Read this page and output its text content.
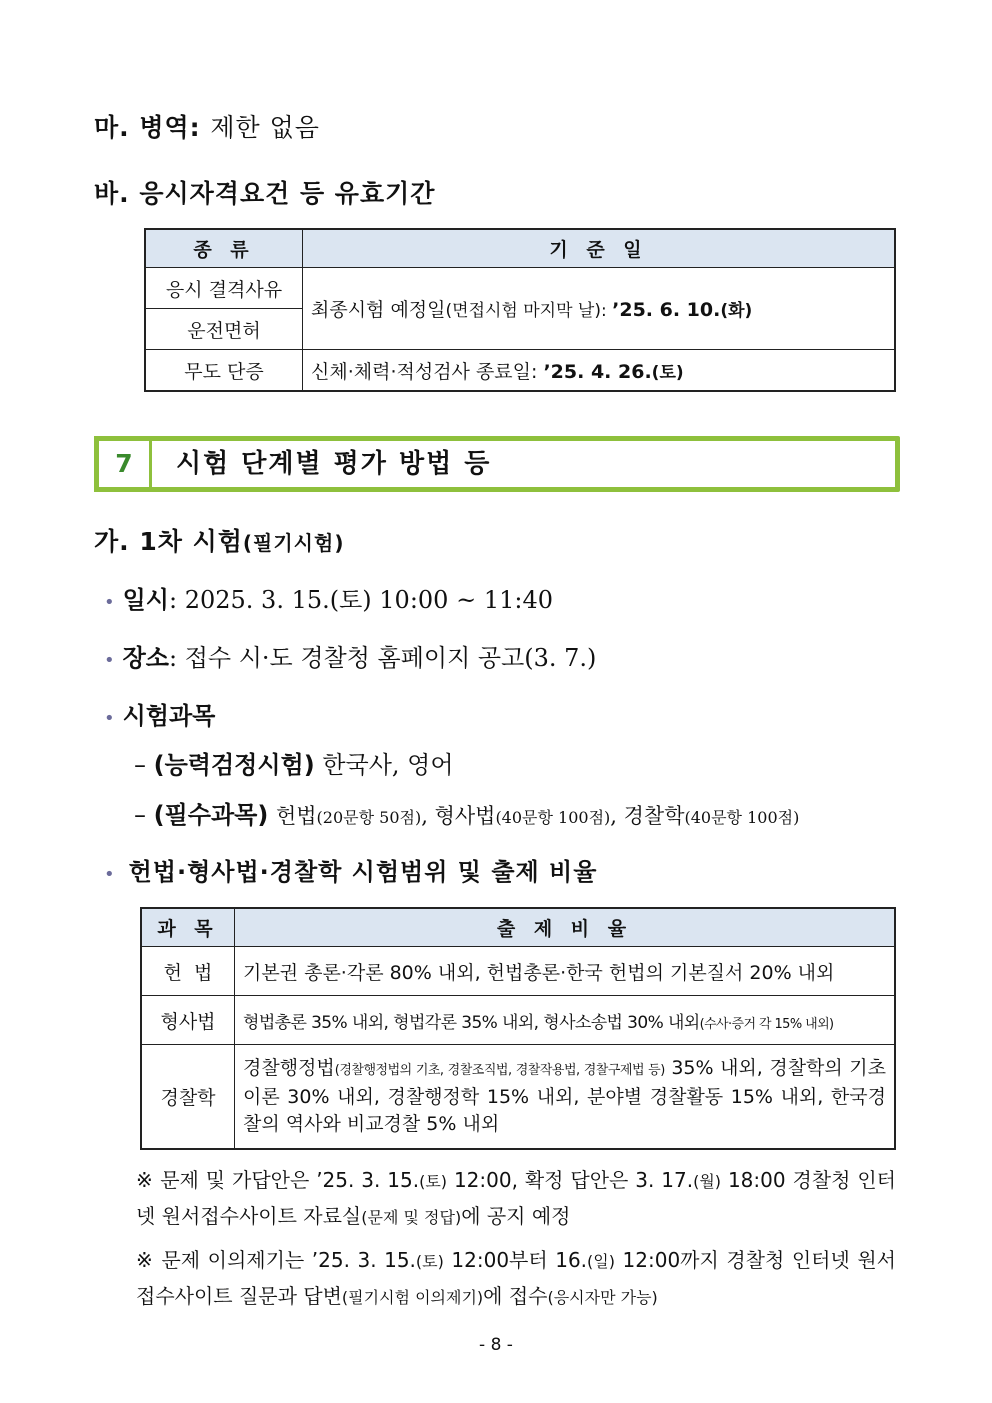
마. 병역: 제한 없음
바. 응시자격요건 등 유효기간
종 류	기 준 일
응시 결격사유	최종시험 예정일(면접시험 마지막 날): ’25. 6. 10.(화)
운전면허	
무도 단증	신체·체력·적성검사 종료일: ’25. 4. 26.(토)
7	시험 단계별 평가 방법 등
가. 1차 시험(필기시험)
• 일시: 2025. 3. 15.(토) 10:00 ~ 11:40
• 장소: 접수 시·도 경찰청 홈페이지 공고(3. 7.)
• 시험과목
– (능력검정시험) 한국사, 영어
– (필수과목) 헌법(20문항 50점), 형사법(40문항 100점), 경찰학(40문항 100점)
• 헌법·형사법·경찰학 시험범위 및 출제 비율
과 목	출 제 비 율
헌  법	기본권 총론·각론 80% 내외, 헌법총론·한국 헌법의 기본질서 20% 내외
형사법	형법총론 35% 내외, 형법각론 35% 내외, 형사소송법 30% 내외(수사·증거 각 15% 내외)
경찰학	경찰행정법(경찰행정법의 기초, 경찰조직법, 경찰작용법, 경찰구제법 등) 35% 내외, 경찰학의 기초이론 30% 내외, 경찰행정학 15% 내외, 분야별 경찰활동 15% 내외, 한국경찰의 역사와 비교경찰 5% 내외
※ 문제 및 가답안은 ’25. 3. 15.(토) 12:00, 확정 답안은 3. 17.(월) 18:00 경찰청 인터넷 원서접수사이트 자료실(문제 및 정답)에 공지 예정
※ 문제 이의제기는 ’25. 3. 15.(토) 12:00부터 16.(일) 12:00까지 경찰청 인터넷 원서접수사이트 질문과 답변(필기시험 이의제기)에 접수(응시자만 가능)
- 8 -
